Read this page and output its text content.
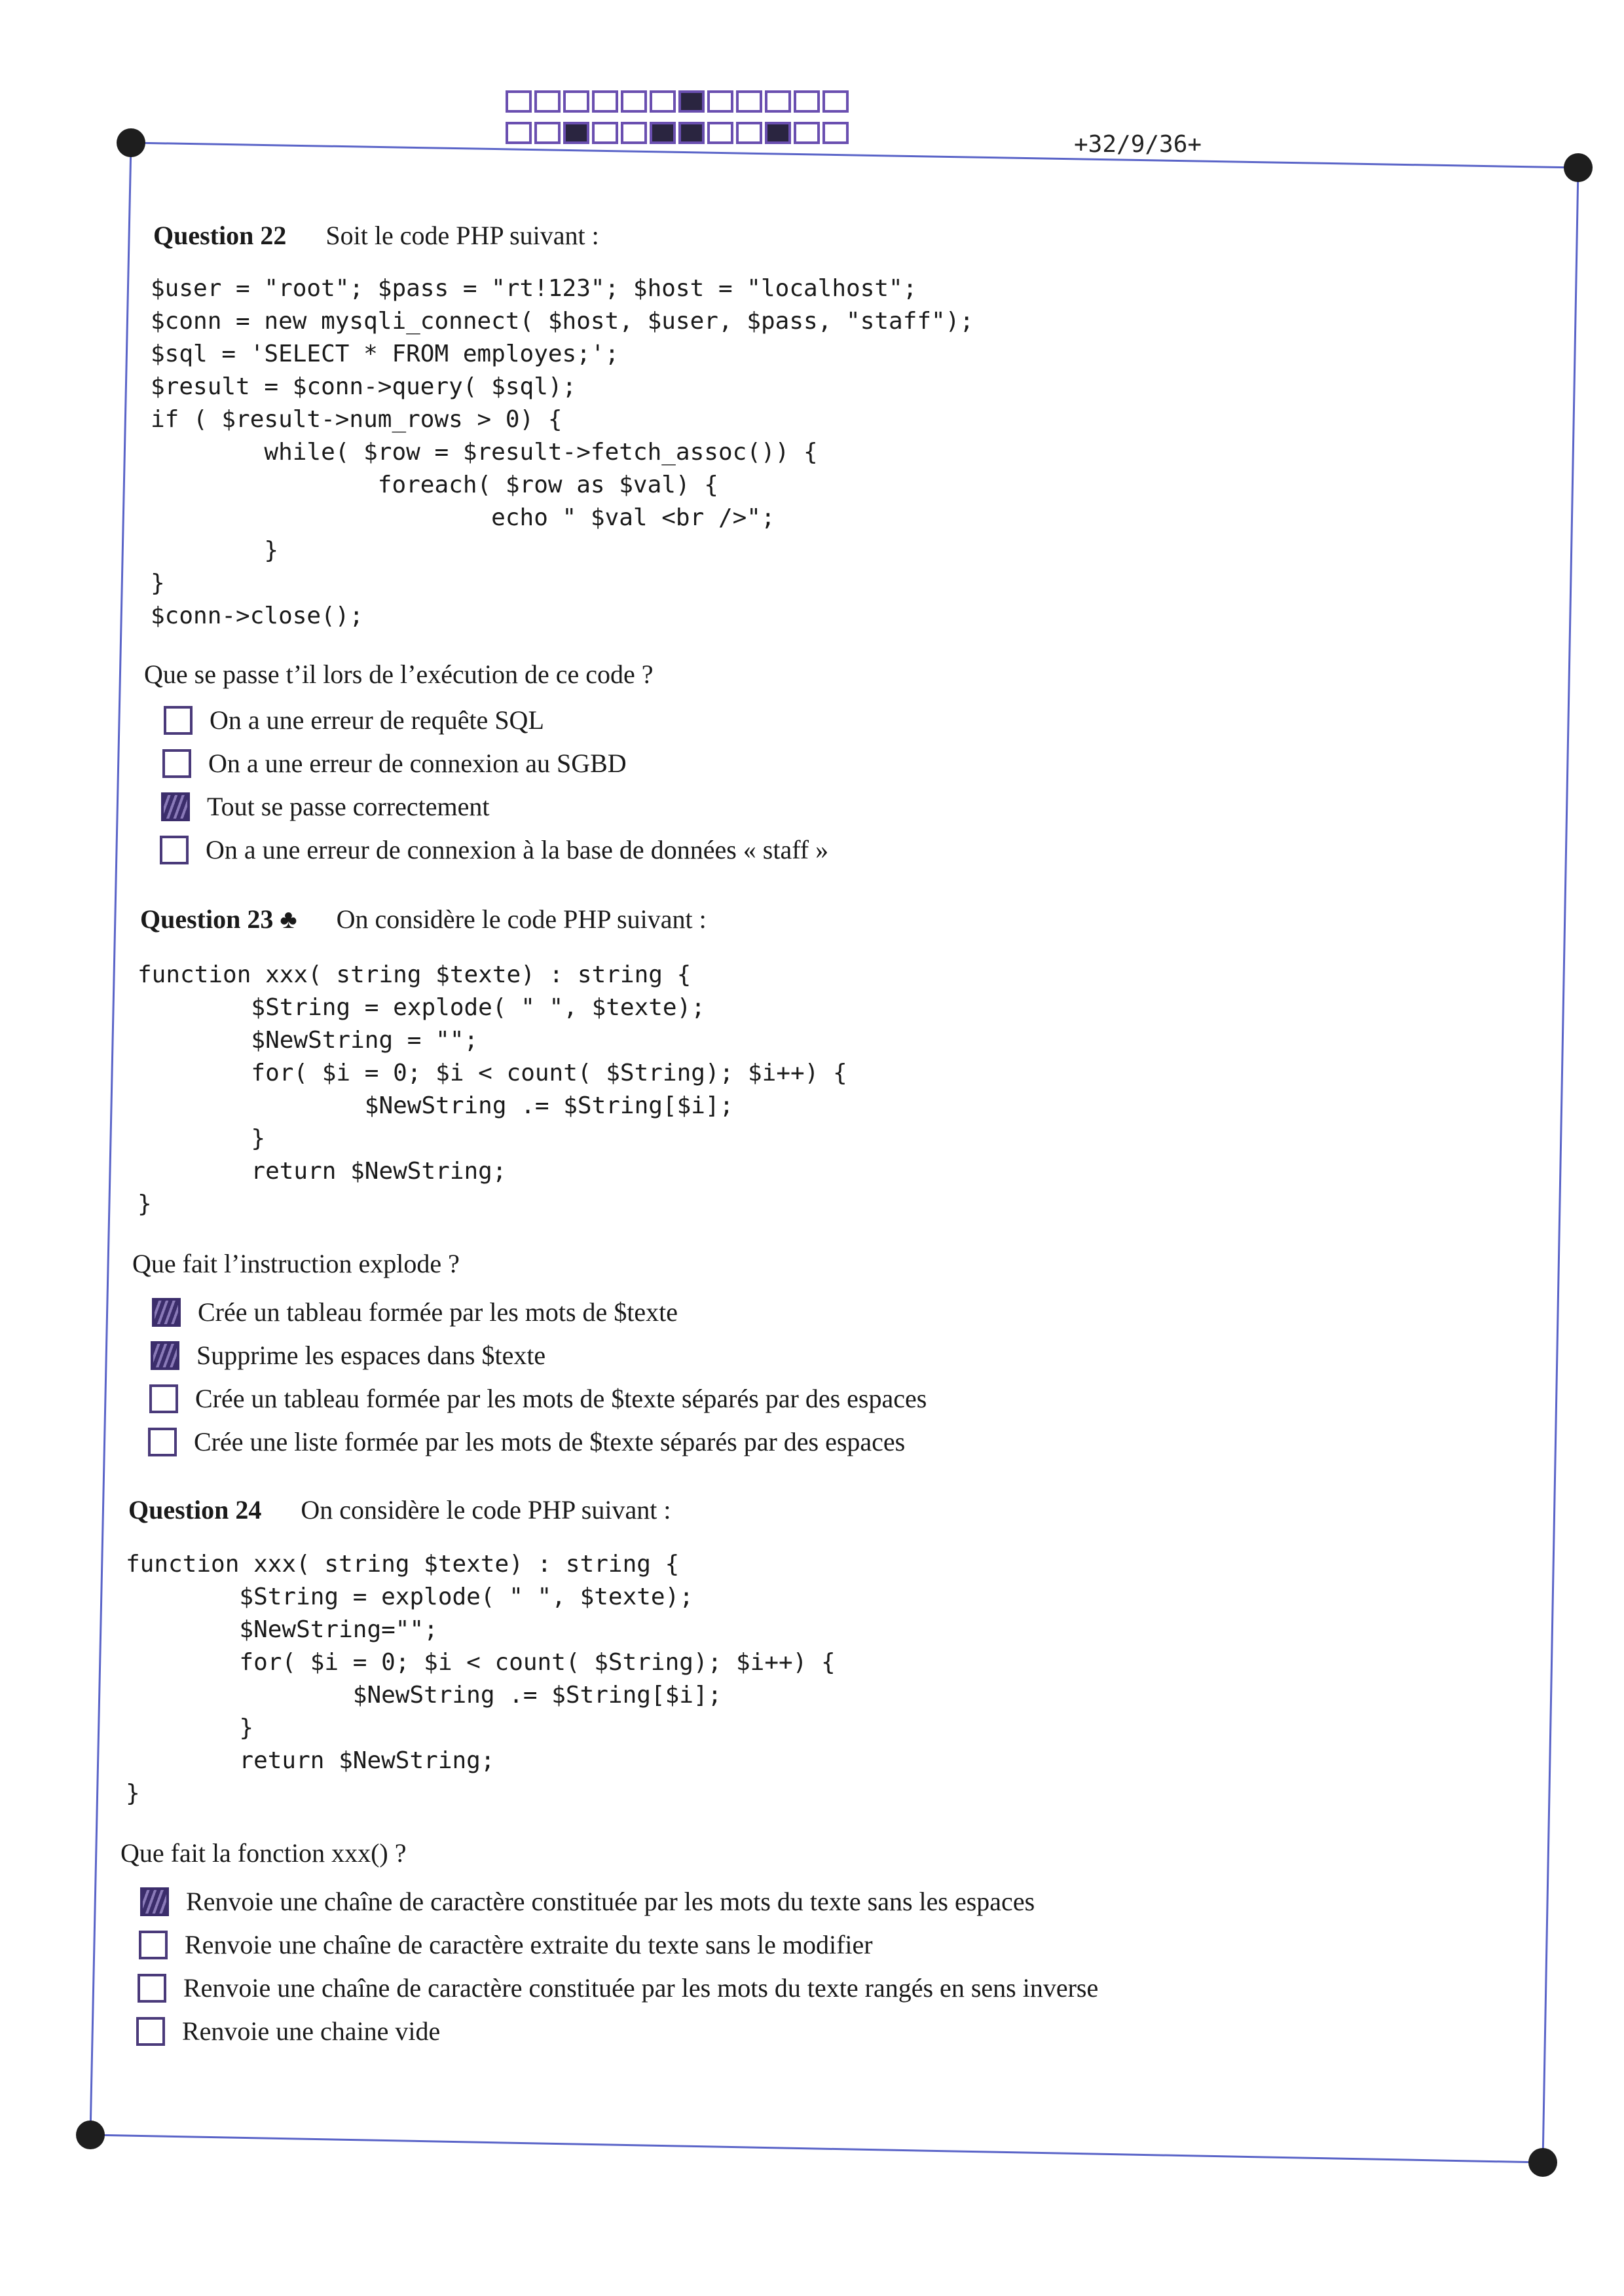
+32/9/36+
Question 22 Soit le code PHP suivant :
$user = "root"; $pass = "rt!123"; $host = "localhost";
$conn = new mysqli_connect( $host, $user, $pass, "staff");
$sql = 'SELECT * FROM employes;';
$result = $conn->query( $sql);
if ( $result->num_rows > 0) {
while( $row = $result->fetch_assoc()) {
foreach( $row as $val) {
echo " $val <br />";
}
}
$conn->close();
Que se passe t’il lors de l’exécution de ce code ?
On a une erreur de requête SQL
On a une erreur de connexion au SGBD
Tout se passe correctement
On a une erreur de connexion à la base de données « staff »
Question 23 ♣ On considère le code PHP suivant :
function xxx( string $texte) : string {
$String = explode( " ", $texte);
$NewString = "";
for( $i = 0; $i < count( $String); $i++) {
$NewString .= $String[$i];
}
return $NewString;
}
Que fait l’instruction explode ?
Crée un tableau formée par les mots de $texte
Supprime les espaces dans $texte
Crée un tableau formée par les mots de $texte séparés par des espaces
Crée une liste formée par les mots de $texte séparés par des espaces
Question 24 On considère le code PHP suivant :
function xxx( string $texte) : string {
$String = explode( " ", $texte);
$NewString="";
for( $i = 0; $i < count( $String); $i++) {
$NewString .= $String[$i];
}
return $NewString;
}
Que fait la fonction xxx() ?
Renvoie une chaîne de caractère constituée par les mots du texte sans les espaces
Renvoie une chaîne de caractère extraite du texte sans le modifier
Renvoie une chaîne de caractère constituée par les mots du texte rangés en sens inverse
Renvoie une chaine vide
